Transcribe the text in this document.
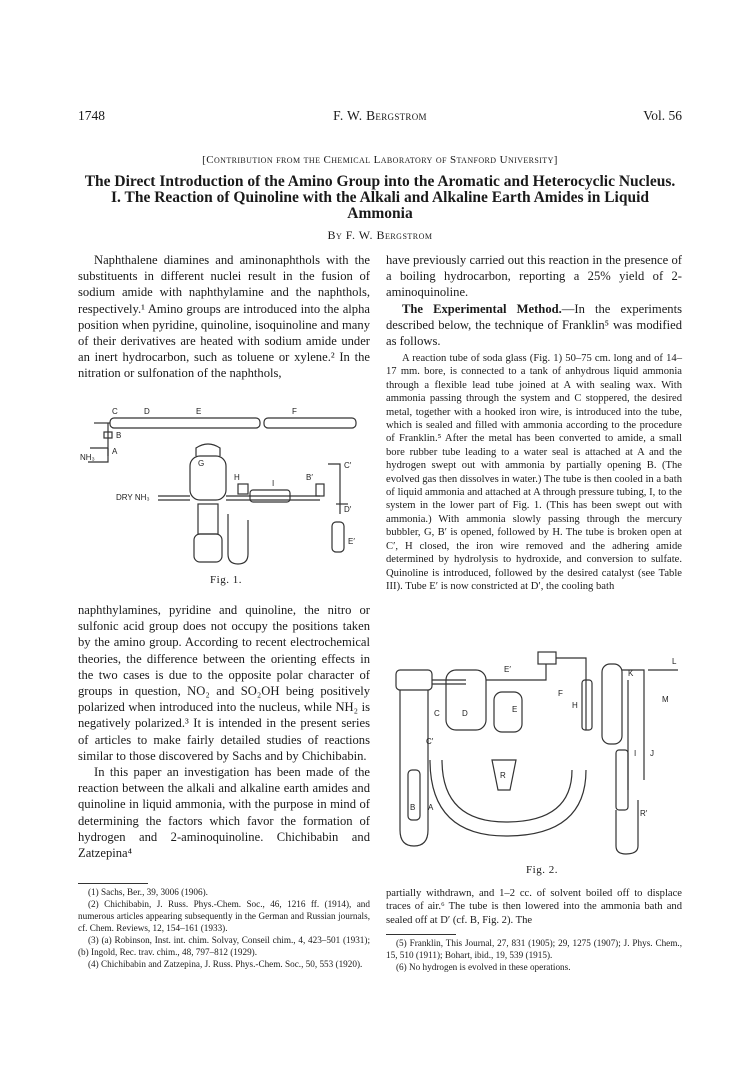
1748	F. W. Bergstrom	Vol. 56
[Contribution from the Chemical Laboratory of Stanford University]
The Direct Introduction of the Amino Group into the Aromatic and Heterocyclic Nucleus. I. The Reaction of Quinoline with the Alkali and Alkaline Earth Amides in Liquid Ammonia
By F. W. Bergstrom

Naphthalene diamines and aminonaphthols with the substituents in different nuclei result in the fusion of sodium amide with naphthylamine and the naphthols, respectively.¹ Amino groups are introduced into the alpha position when pyridine, quinoline, isoquinoline and many of their derivatives are heated with sodium amide under an inert hydrocarbon, such as toluene or xylene.² In the nitration or sulfonation of the naphthols,

C	D	E	F
B
A
NH₃
G
H
I
B′
C′
DRY NH₃
D′
E′
Fig. 1.

naphthylamines, pyridine and quinoline, the nitro or sulfonic acid group does not occupy the positions taken by the amino group. According to recent electrochemical theories, the difference between the orienting effects in the two cases is due to the opposite polar character of groups in question, NO₂ and SO₂OH being positively polarized when introduced into the nucleus, while NH₂ is negatively polarized.³ It is intended in the present series of articles to make fairly detailed studies of reactions similar to those discovered by Sachs and by Chichibabin.

In this paper an investigation has been made of the reaction between the alkali and alkaline earth amides and quinoline in liquid ammonia, with the purpose in mind of determining the factors which favor the formation of hydrogen and 2-aminoquinoline. Chichibabin and Zatzepina⁴

(1) Sachs, Ber., 39, 3006 (1906).
(2) Chichibabin, J. Russ. Phys.-Chem. Soc., 46, 1216 ff. (1914), and numerous articles appearing subsequently in the German and Russian journals, cf. Chem. Reviews, 12, 154–161 (1933).
(3) (a) Robinson, Inst. int. chim. Solvay, Conseil chim., 4, 423–501 (1931); (b) Ingold, Rec. trav. chim., 48, 797–812 (1929).
(4) Chichibabin and Zatzepina, J. Russ. Phys.-Chem. Soc., 50, 553 (1920).

have previously carried out this reaction in the presence of a boiling hydrocarbon, reporting a 25% yield of 2-aminoquinoline.

The Experimental Method.—In the experiments described below, the technique of Franklin⁵ was modified as follows.

A reaction tube of soda glass (Fig. 1) 50–75 cm. long and of 14–17 mm. bore, is connected to a tank of anhydrous liquid ammonia through a flexible lead tube joined at A with sealing wax. With ammonia passing through the system and C stoppered, the desired metal, together with a hooked iron wire, is introduced into the tube, which is sealed and filled with ammonia according to the procedure of Franklin.⁵ After the metal has been converted to amide, a small bore rubber tube leading to a water seal is attached at A and the hydrogen swept out with ammonia by partially opening B. (The evolved gas then dissolves in water.) The tube is then cooled in a bath of liquid ammonia and attached at A through pressure tubing, I, to the system in the lower part of Fig. 1. (This has been swept out with ammonia.) With ammonia slowly passing through the mercury bubbler, G, B′ is opened, followed by H. The tube is broken open at C′, H closed, the iron wire removed and the adhering amide determined by hydrolysis to hydroxide, and conversion to sulfate. Quinoline is introduced, followed by the desired catalyst (see Table III). Tube E′ is now constricted at D′, the cooling bath

E′
L
K
F
H
M
C	D	E
C′
J
I
B
R
A
R′
Fig. 2.

partially withdrawn, and 1–2 cc. of solvent boiled off to displace traces of air.⁶ The tube is then lowered into the ammonia bath and sealed off at D′ (cf. B, Fig. 2). The

(5) Franklin, This Journal, 27, 831 (1905); 29, 1275 (1907); J. Phys. Chem., 15, 510 (1911); Bohart, ibid., 19, 539 (1915).
(6) No hydrogen is evolved in these operations.
